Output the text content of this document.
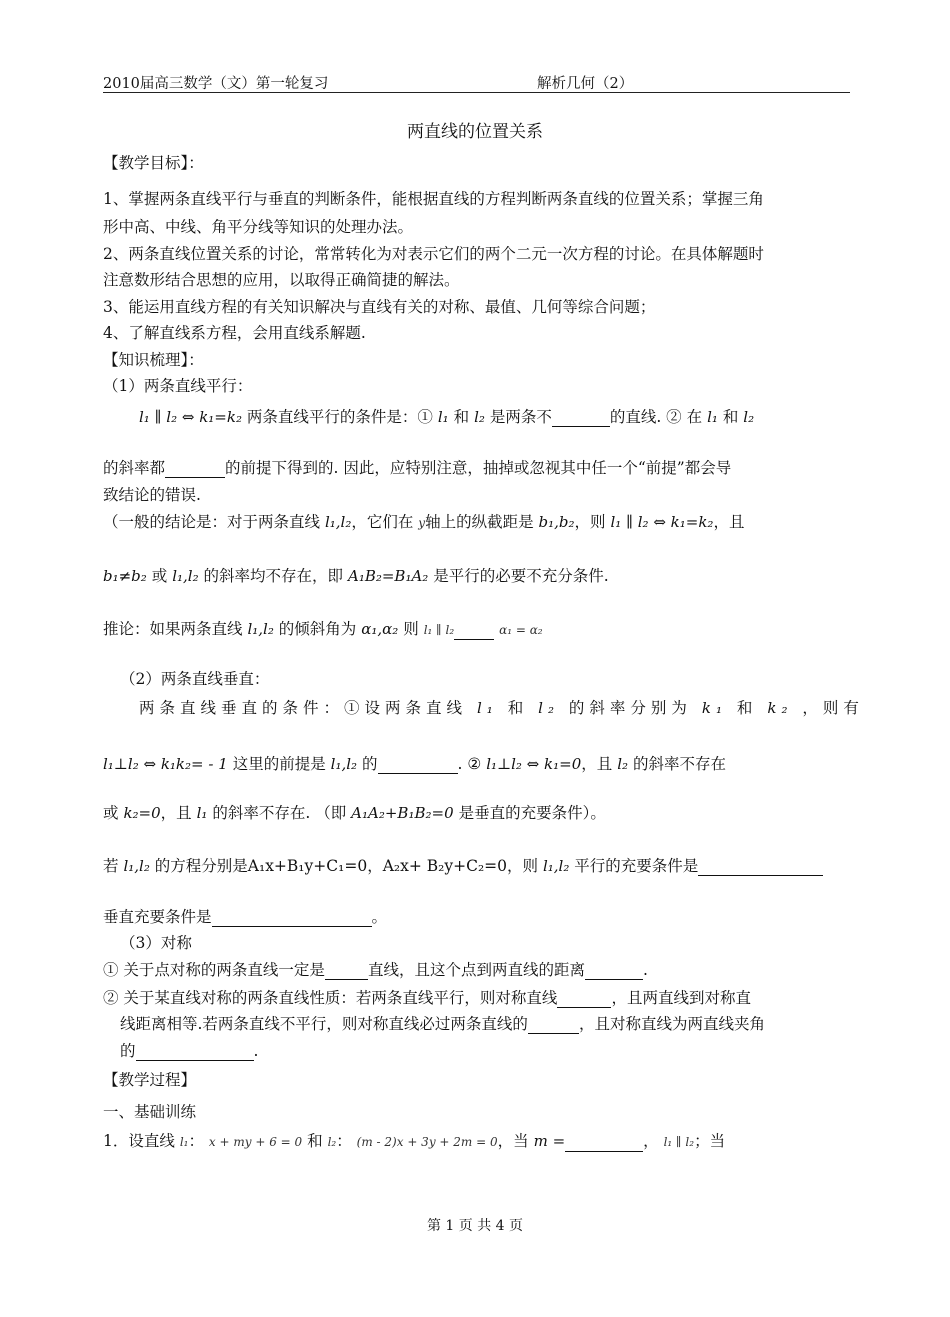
2010届高三数学（文）第一轮复习	解析几何（2）
两直线的位置关系
【教学目标】：
1、掌握两条直线平行与垂直的判断条件，能根据直线的方程判断两条直线的位置关系；掌握三角
形中高、中线、角平分线等知识的处理办法。
2、两条直线位置关系的讨论，常常转化为对表示它们的两个二元一次方程的讨论。在具体解题时
注意数形结合思想的应用，以取得正确简捷的解法。
3、能运用直线方程的有关知识解决与直线有关的对称、最值、几何等综合问题；
4、了解直线系方程，会用直线系解题.
【知识梳理】：
（1）两条直线平行：
l₁ ∥ l₂ ⇔ k₁=k₂ 两条直线平行的条件是：① l₁ 和 l₂ 是两条不	的直线. ② 在 l₁ 和 l₂
的斜率都	的前提下得到的. 因此，应特别注意，抽掉或忽视其中任一个“前提”都会导
致结论的错误.
（一般的结论是：对于两条直线 l₁,l₂，它们在 y轴上的纵截距是 b₁,b₂，则 l₁ ∥ l₂ ⇔ k₁=k₂，且
b₁≠b₂ 或 l₁,l₂ 的斜率均不存在，即 A₁B₂=B₁A₂ 是平行的必要不充分条件.
推论：如果两条直线 l₁,l₂ 的倾斜角为 α₁,α₂ 则 l₁ ∥ l₂	α₁ = α₂
（2）两条直线垂直：
两条直线垂直的条件：①设两条直线 l₁ 和 l₂ 的斜率分别为 k₁ 和 k₂ ，则有
l₁⊥l₂ ⇔ k₁k₂= - 1 这里的前提是 l₁,l₂ 的	. ② l₁⊥l₂ ⇔ k₁=0，且 l₂ 的斜率不存在
或 k₂=0，且 l₁ 的斜率不存在. （即 A₁A₂+B₁B₂=0 是垂直的充要条件）。
若 l₁,l₂ 的方程分别是A₁x+B₁y+C₁=0，A₂x+ B₂y+C₂=0，则 l₁,l₂ 平行的充要条件是
垂直充要条件是	。
（3）对称
① 关于点对称的两条直线一定是	直线，且这个点到两直线的距离	.
② 关于某直线对称的两条直线性质：若两条直线平行，则对称直线	，且两直线到对称直
线距离相等.若两条直线不平行，则对称直线必过两条直线的	，且对称直线为两直线夹角
的	.
【教学过程】
一、基础训练
1．设直线 l₁： x + my + 6 = 0 和 l₂： (m - 2)x + 3y + 2m = 0，当 m =	， l₁ ∥ l₂；当
第 1 页 共 4 页
